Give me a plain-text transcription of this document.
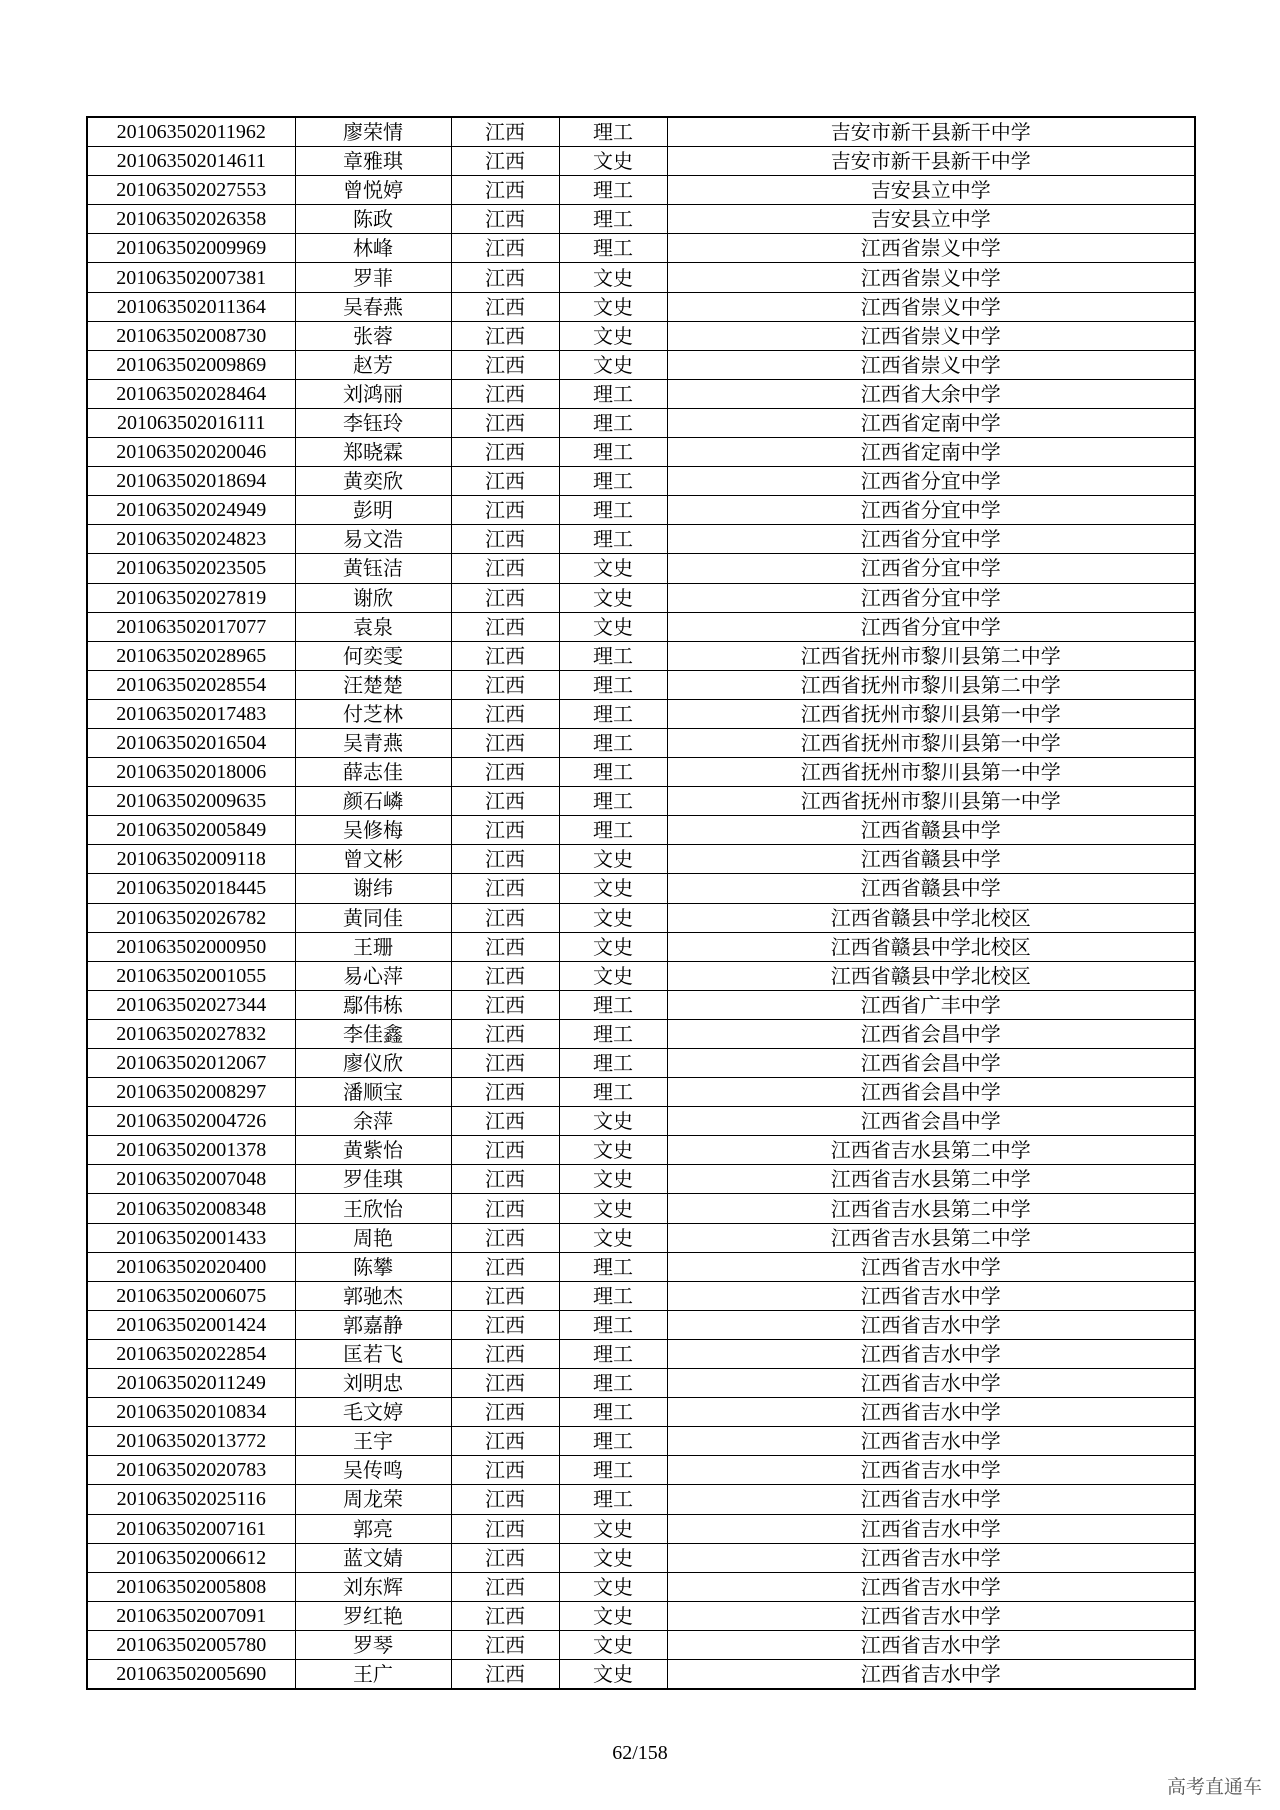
201063502011962	廖荣情	江西	理工	吉安市新干县新干中学
201063502014611	章雅琪	江西	文史	吉安市新干县新干中学
201063502027553	曾悦婷	江西	理工	吉安县立中学
201063502026358	陈政	江西	理工	吉安县立中学
201063502009969	林峰	江西	理工	江西省崇义中学
201063502007381	罗菲	江西	文史	江西省崇义中学
201063502011364	吴春燕	江西	文史	江西省崇义中学
201063502008730	张蓉	江西	文史	江西省崇义中学
201063502009869	赵芳	江西	文史	江西省崇义中学
201063502028464	刘鸿丽	江西	理工	江西省大余中学
201063502016111	李钰玲	江西	理工	江西省定南中学
201063502020046	郑晓霖	江西	理工	江西省定南中学
201063502018694	黄奕欣	江西	理工	江西省分宜中学
201063502024949	彭明	江西	理工	江西省分宜中学
201063502024823	易文浩	江西	理工	江西省分宜中学
201063502023505	黄钰洁	江西	文史	江西省分宜中学
201063502027819	谢欣	江西	文史	江西省分宜中学
201063502017077	袁泉	江西	文史	江西省分宜中学
201063502028965	何奕雯	江西	理工	江西省抚州市黎川县第二中学
201063502028554	汪楚楚	江西	理工	江西省抚州市黎川县第二中学
201063502017483	付芝林	江西	理工	江西省抚州市黎川县第一中学
201063502016504	吴青燕	江西	理工	江西省抚州市黎川县第一中学
201063502018006	薛志佳	江西	理工	江西省抚州市黎川县第一中学
201063502009635	颜石嶙	江西	理工	江西省抚州市黎川县第一中学
201063502005849	吴修梅	江西	理工	江西省赣县中学
201063502009118	曾文彬	江西	文史	江西省赣县中学
201063502018445	谢纬	江西	文史	江西省赣县中学
201063502026782	黄同佳	江西	文史	江西省赣县中学北校区
201063502000950	王珊	江西	文史	江西省赣县中学北校区
201063502001055	易心萍	江西	文史	江西省赣县中学北校区
201063502027344	鄢伟栋	江西	理工	江西省广丰中学
201063502027832	李佳鑫	江西	理工	江西省会昌中学
201063502012067	廖仪欣	江西	理工	江西省会昌中学
201063502008297	潘顺宝	江西	理工	江西省会昌中学
201063502004726	余萍	江西	文史	江西省会昌中学
201063502001378	黄紫怡	江西	文史	江西省吉水县第二中学
201063502007048	罗佳琪	江西	文史	江西省吉水县第二中学
201063502008348	王欣怡	江西	文史	江西省吉水县第二中学
201063502001433	周艳	江西	文史	江西省吉水县第二中学
201063502020400	陈攀	江西	理工	江西省吉水中学
201063502006075	郭驰杰	江西	理工	江西省吉水中学
201063502001424	郭嘉静	江西	理工	江西省吉水中学
201063502022854	匡若飞	江西	理工	江西省吉水中学
201063502011249	刘明忠	江西	理工	江西省吉水中学
201063502010834	毛文婷	江西	理工	江西省吉水中学
201063502013772	王宇	江西	理工	江西省吉水中学
201063502020783	吴传鸣	江西	理工	江西省吉水中学
201063502025116	周龙荣	江西	理工	江西省吉水中学
201063502007161	郭亮	江西	文史	江西省吉水中学
201063502006612	蓝文婧	江西	文史	江西省吉水中学
201063502005808	刘东辉	江西	文史	江西省吉水中学
201063502007091	罗红艳	江西	文史	江西省吉水中学
201063502005780	罗琴	江西	文史	江西省吉水中学
201063502005690	王广	江西	文史	江西省吉水中学
62/158
高考直通车
